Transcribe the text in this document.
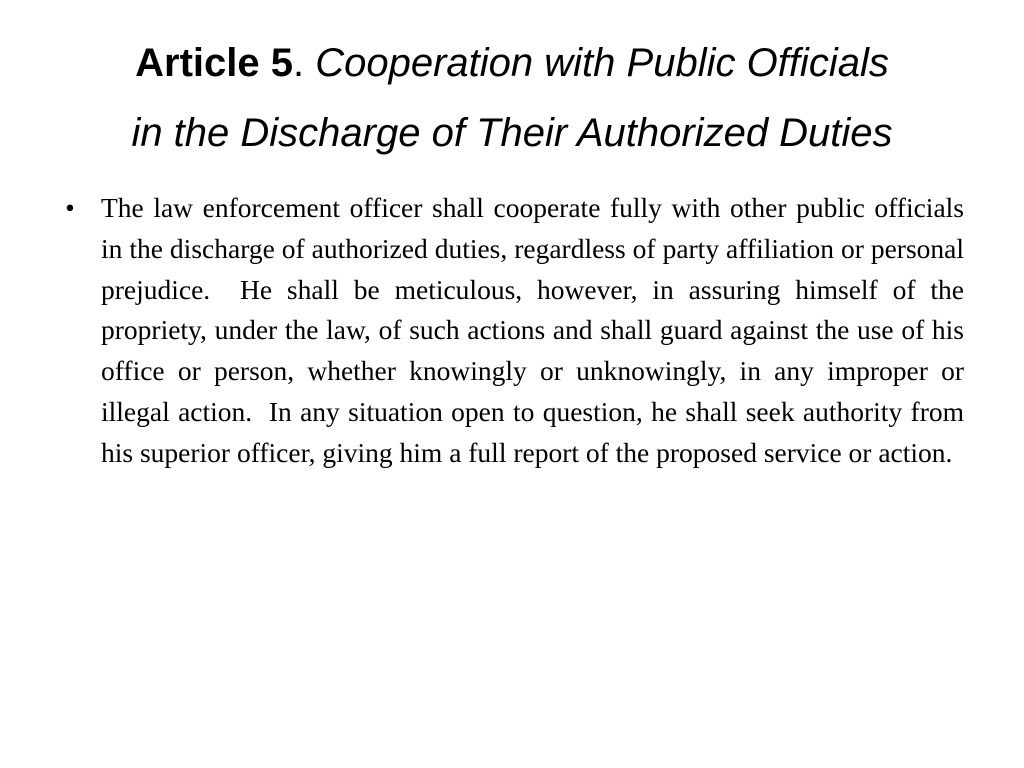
Article 5. Cooperation with Public Officials
in the Discharge of Their Authorized Duties
• The law enforcement officer shall cooperate fully with other public officials in the discharge of authorized duties, regardless of party affiliation or personal prejudice.  He shall be meticulous, however, in assuring himself of the propriety, under the law, of such actions and shall guard against the use of his office or person, whether knowingly or unknowingly, in any improper or illegal action.  In any situation open to question, he shall seek authority from his superior officer, giving him a full report of the proposed service or action.
